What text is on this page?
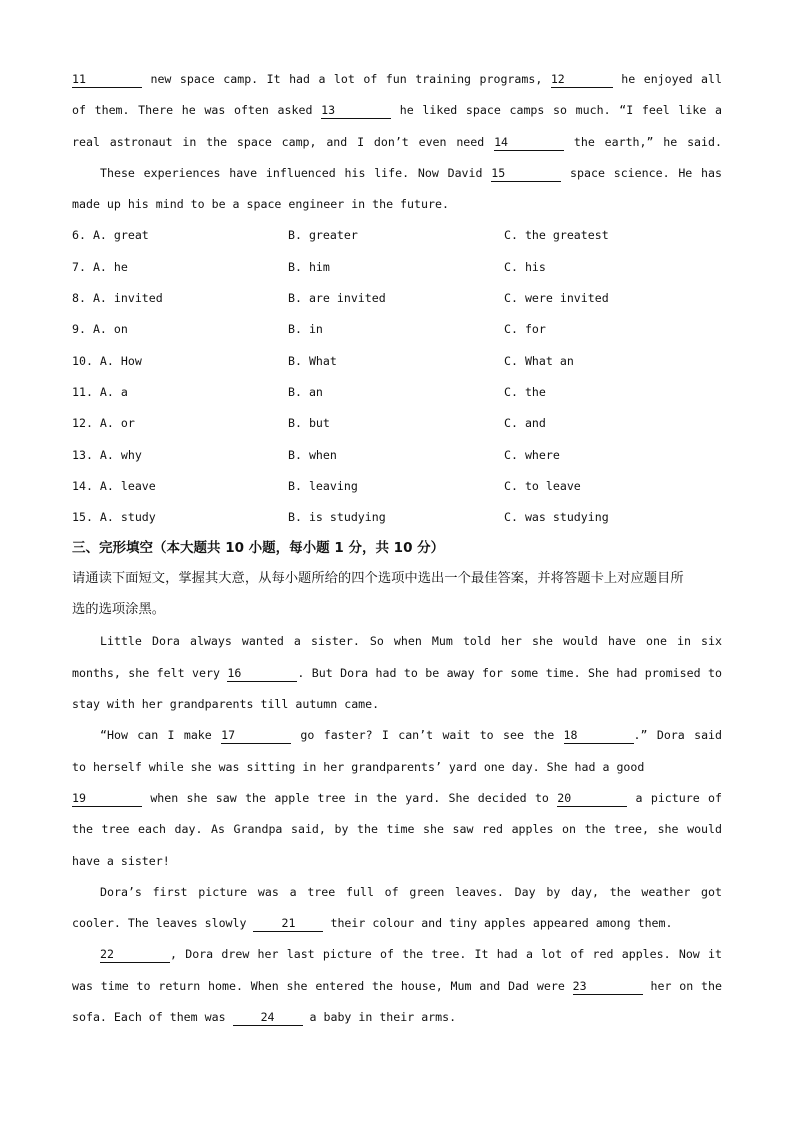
11	new space camp. It had a lot of fun training programs, 12	he enjoyed all
of them. There he was often asked 13	he liked space camps so much. “I feel like a
real astronaut in the space camp, and I don’t even need 14	the earth,” he said.
These experiences have influenced his life. Now David 15	space science. He has
made up his mind to be a space engineer in the future.
6. A. great	B. greater	C. the greatest
7. A. he	B. him	C. his
8. A. invited	B. are invited	C. were invited
9. A. on	B. in	C. for
10. A. How	B. What	C. What an
11. A. a	B. an	C. the
12. A. or	B. but	C. and
13. A. why	B. when	C. where
14. A. leave	B. leaving	C. to leave
15. A. study	B. is studying	C. was studying
三、完形填空（本大题共 10 小题，每小题 1 分，共 10 分）
请通读下面短文，掌握其大意，从每小题所给的四个选项中选出一个最佳答案，并将答题卡上对应题目所
选的选项涂黑。
Little Dora always wanted a sister. So when Mum told her she would have one in six
months, she felt very 16	. But Dora had to be away for some time. She had promised to
stay with her grandparents till autumn came.
“How can I make 17	go faster? I can’t wait to see the 18	.” Dora said
to herself while she was sitting in her grandparents’ yard one day. She had a good
19	when she saw the apple tree in the yard. She decided to 20	a picture of
the tree each day. As Grandpa said, by the time she saw red apples on the tree, she would
have a sister!
Dora’s first picture was a tree full of green leaves. Day by day, the weather got
cooler. The leaves slowly 21 their colour and tiny apples appeared among them.
22	, Dora drew her last picture of the tree. It had a lot of red apples. Now it
was time to return home. When she entered the house, Mum and Dad were 23	her on the
sofa. Each of them was 24 a baby in their arms.
